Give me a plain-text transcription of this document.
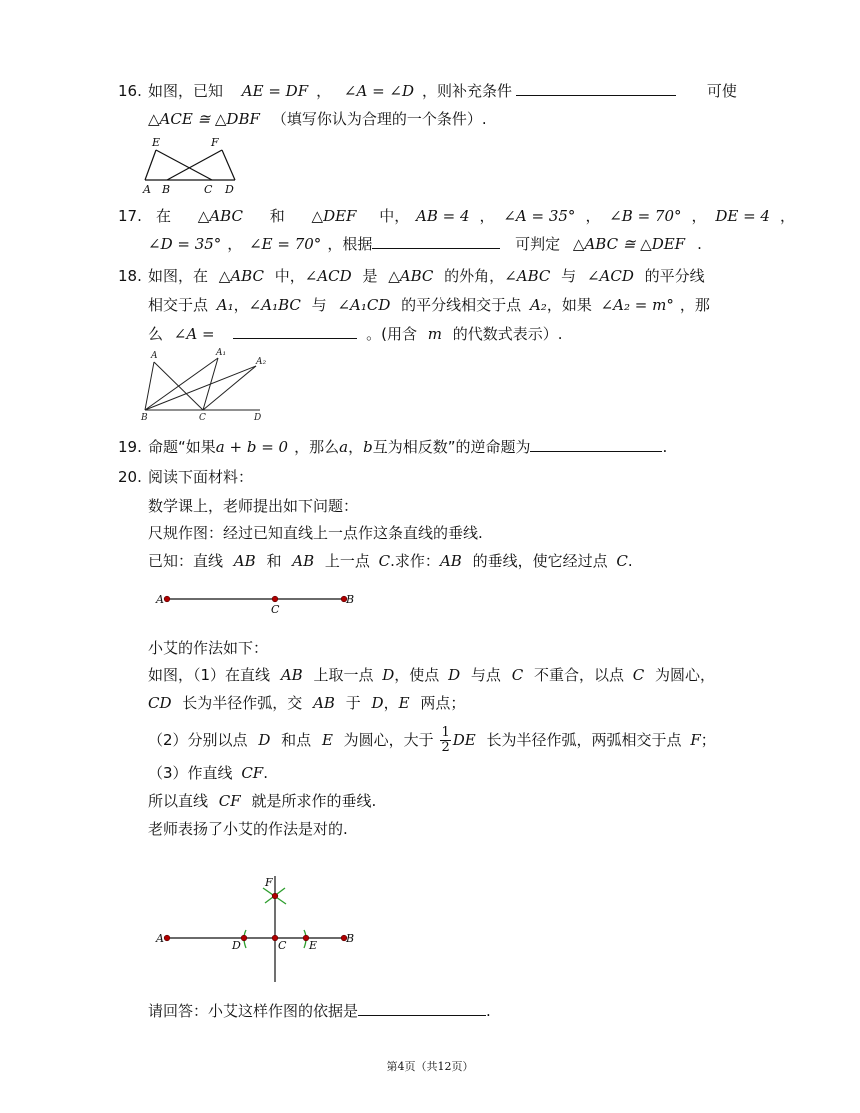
16. 如图，已知 AE = DF ， ∠A = ∠D ，则补充条件	可使
△ACE ≅ △DBF （填写你认为合理的一个条件）.
E	F
A B	C D
17. 在 △ABC 和 △DEF 中， AB = 4 ， ∠A = 35° ， ∠B = 70° ， DE = 4 ，
∠D = 35° ， ∠E = 70° ，根据	可判定 △ABC ≅ △DEF .
18. 如图，在 △ABC 中，∠ACD 是 △ABC 的外角，∠ABC 与 ∠ACD 的平分线
相交于点 A₁，∠A₁BC 与 ∠A₁CD 的平分线相交于点 A₂，如果 ∠A₂ = m° ，那
么 ∠A =	。(用含 m 的代数式表示）.
A	A₁
A₂
B	C	D
19. 命题“如果a + b = 0 ，那么a，b互为相反数”的逆命题为	.
20. 阅读下面材料：
数学课上，老师提出如下问题：
尺规作图：经过已知直线上一点作这条直线的垂线.
已知：直线 AB 和 AB 上一点 C.求作：AB 的垂线，使它经过点 C.
A
C
B
小艾的作法如下：
如图，（1）在直线 AB 上取一点 D，使点 D 与点 C 不重合，以点 C 为圆心，
CD 长为半径作弧，交 AB 于 D，E 两点；
（2）分别以点 D 和点 E 为圆心，大于 $\frac{1}{2}$ DE 长为半径作弧，两弧相交于点 F；
（3）作直线 CF.
所以直线 CF 就是所求作的垂线.
老师表扬了小艾的作法是对的.
F
A
D	C E
B
请回答：小艾这样作图的依据是	.
第4页（共12页）
